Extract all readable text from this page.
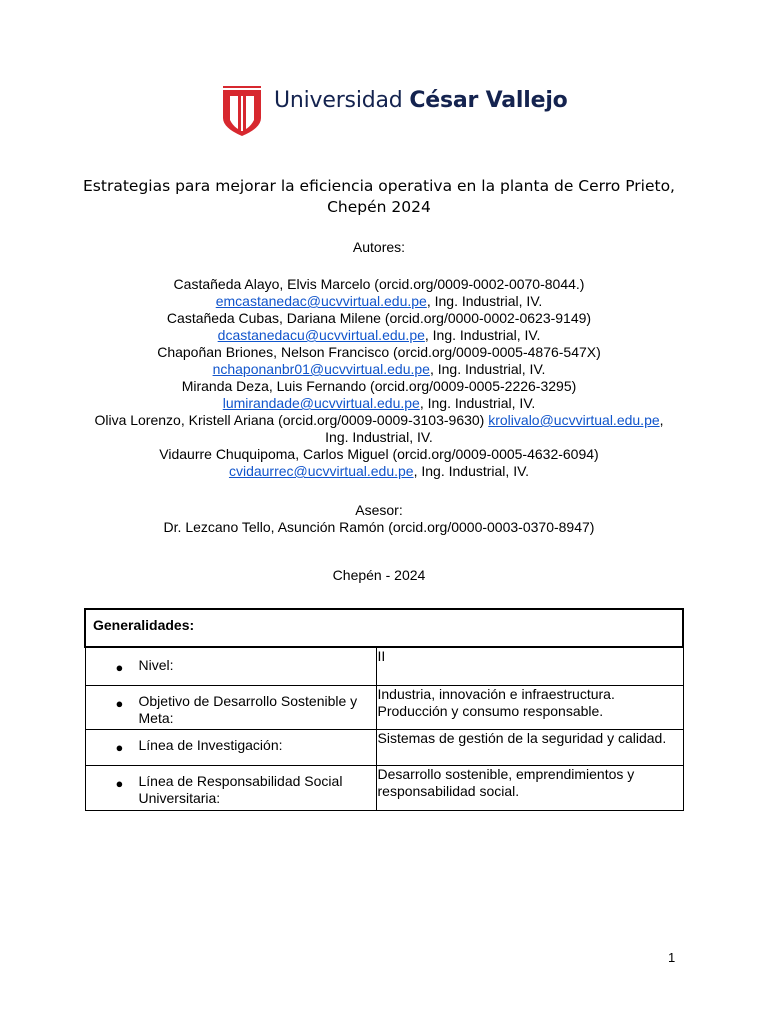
Universidad César Vallejo
Estrategias para mejorar la eficiencia operativa en la planta de Cerro Prieto, Chepén 2024
Autores:
Castañeda Alayo, Elvis Marcelo (orcid.org/0009-0002-0070-8044.)
emcastanedac@ucvvirtual.edu.pe, Ing. Industrial, IV.
Castañeda Cubas, Dariana Milene (orcid.org/0000-0002-0623-9149)
dcastanedacu@ucvvirtual.edu.pe, Ing. Industrial, IV.
Chapoñan Briones, Nelson Francisco (orcid.org/0009-0005-4876-547X)
nchaponanbr01@ucvvirtual.edu.pe, Ing. Industrial, IV.
Miranda Deza, Luis Fernando (orcid.org/0009-0005-2226-3295)
lumirandade@ucvvirtual.edu.pe, Ing. Industrial, IV.
Oliva Lorenzo, Kristell Ariana (orcid.org/0009-0009-3103-9630) krolivalo@ucvvirtual.edu.pe,
Ing. Industrial, IV.
Vidaurre Chuquipoma, Carlos Miguel (orcid.org/0009-0005-4632-6094)
cvidaurrec@ucvvirtual.edu.pe, Ing. Industrial, IV.
Asesor:
Dr. Lezcano Tello, Asunción Ramón (orcid.org/0000-0003-0370-8947)
Chepén - 2024
Generalidades:	

● Nivel:	II

● Objetivo de Desarrollo Sostenible y Meta:	Industria, innovación e infraestructura. Producción y consumo responsable.

● Línea de Investigación:	Sistemas de gestión de la seguridad y calidad.

● Línea de Responsabilidad Social Universitaria:	Desarrollo sostenible, emprendimientos y responsabilidad social.
1
